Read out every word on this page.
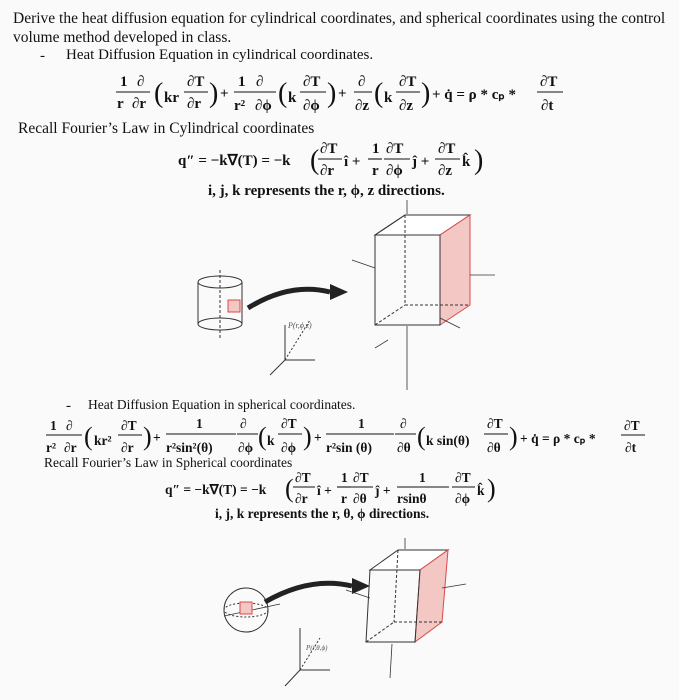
Derive the heat diffusion equation for cylindrical coordinates, and spherical coordinates using the control volume method developed in class.
- Heat Diffusion Equation in cylindrical coordinates.
1 ∂
r ∂r ( kr
∂T
∂r ) +
1 ∂
r² ∂ϕ ( k
∂T
∂ϕ ) +
∂
∂z ( k
∂T
∂z ) + q̇ = ρ * cₚ *
∂T
∂t
Recall Fourier’s Law in Cylindrical coordinates
q″ = −k∇(T) = −k ( ∂T
∂r
î +
1
r
∂T
∂ϕ
ĵ +
∂T
∂z
k̂ )
i, j, k represents the r, ϕ, z directions.
P(r,ϕ,z)
- Heat Diffusion Equation in spherical coordinates.
1 ∂
r² ∂r ( kr²
∂T
∂r ) +
1
r²sin²(θ)
∂
∂ϕ ( k
∂T
∂ϕ ) +
1
r²sin (θ)
∂
∂θ ( k sin(θ)
∂T
∂θ ) + q̇ = ρ * cₚ *
∂T
∂t
Recall Fourier’s Law in Spherical coordinates
q″ = −k∇(T) = −k ( ∂T
∂r
î +
1
r
∂T
∂θ
ĵ +
1
rsinθ
∂T
∂ϕ
k̂ )
i, j, k represents the r, θ, ϕ directions.
P(r,θ,ϕ)
